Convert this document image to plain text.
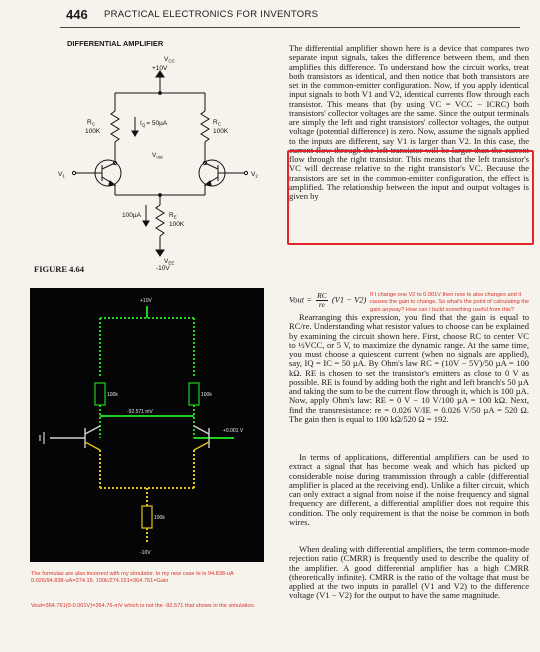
446 PRACTICAL ELECTRONICS FOR INVENTORS
DIFFERENTIAL AMPLIFIER
$V_{CC}$
+10V
$R_C$
100K
$I_Q= 50\mu A$	$R_C$
100K
$V_{out}$
$V_1$	$V_2$
100µA	$R_E$
100K
$V_{EE}$
-10V
FIGURE 4.64
+10V
100k	100k
-92.571 mV
+0.001 V
100k
-10V
The formulas are also incorrect with my simulator. In my new case Ie is 94.838-uA 0.026/94.838-uA=274.15. 100k/274.151=364.761=Gain
Vout=364.761(0-0.001V)=364.76-mV which is not the -92.571 that shows in the simulation.
If I change one V2 to 0.001V then now Ie also changes and it causes the gain to change. So what's the point of calculating the gain anyway? How can I build something useful from this?

The differential amplifier shown here is a device that compares two separate input signals, takes the difference between them, and then amplifies this difference. To understand how the circuit works, treat both transistors as identical, and then notice that both transistors are set in the common-emitter configuration. Now, if you apply identical input signals to both V1 and V2, identical currents flow through each transistor. This means that (by using VC = VCC − ICRC) both transistors' collector voltages are the same. Since the output terminals are simply the left and right transistors' collector voltages, the output voltage (potential difference) is zero. Now, assume the signals applied to the inputs are different, say V1 is larger than V2. In this case, the current flow through the left transistor will be larger than the current flow through the right transistor. This means that the left transistor's VC will decrease relative to the right transistor's VC. Because the transistors are set in the common-emitter configuration, the effect is amplified. The relationship between the input and output voltages is given by

Vout = $\frac{RC}{re} (V1 - V2)$

Rearranging this expression, you find that the gain is equal to RC/re. Understanding what resistor values to choose can be explained by examining the circuit shown here. First, choose RC to center VC to ½VCC, or 5 V, to maximize the dynamic range. At the same time, you must choose a quiescent current (when no signals are applied), say, IQ = IC = 50 µA. By Ohm's law RC = (10V − 5V)/50 µA = 100 kΩ. RE is chosen to set the transistor's emitters as close to 0 V as possible. RE is found by adding both the right and left branch's 50 µA and taking the sum to be the current flow through it, which is 100 µA. Now, apply Ohm's law: RE = 0 V − 10 V/100 µA = 100 kΩ. Next, find the transresistance: re = 0.026 V/IE = 0.026 V/50 µA = 520 Ω. The gain then is equal to 100 kΩ/520 Ω = 192.

In terms of applications, differential amplifiers can be used to extract a signal that has become weak and which has picked up considerable noise during transmission through a cable (differential amplifier is placed at the receiving end). Unlike a filter circuit, which can only extract a signal from noise if the noise frequency and signal frequency are different, a differential amplifier does not require this condition. The only requirement is that the noise be common in both wires.

When dealing with differential amplifiers, the term common-mode rejection ratio (CMRR) is frequently used to describe the quality of the amplifier. A good differential amplifier has a high CMRR (theoretically infinite). CMRR is the ratio of the voltage that must be applied at the two inputs in parallel (V1 and V2) to the difference voltage (V1 − V2) for the output to have the same magnitude.
